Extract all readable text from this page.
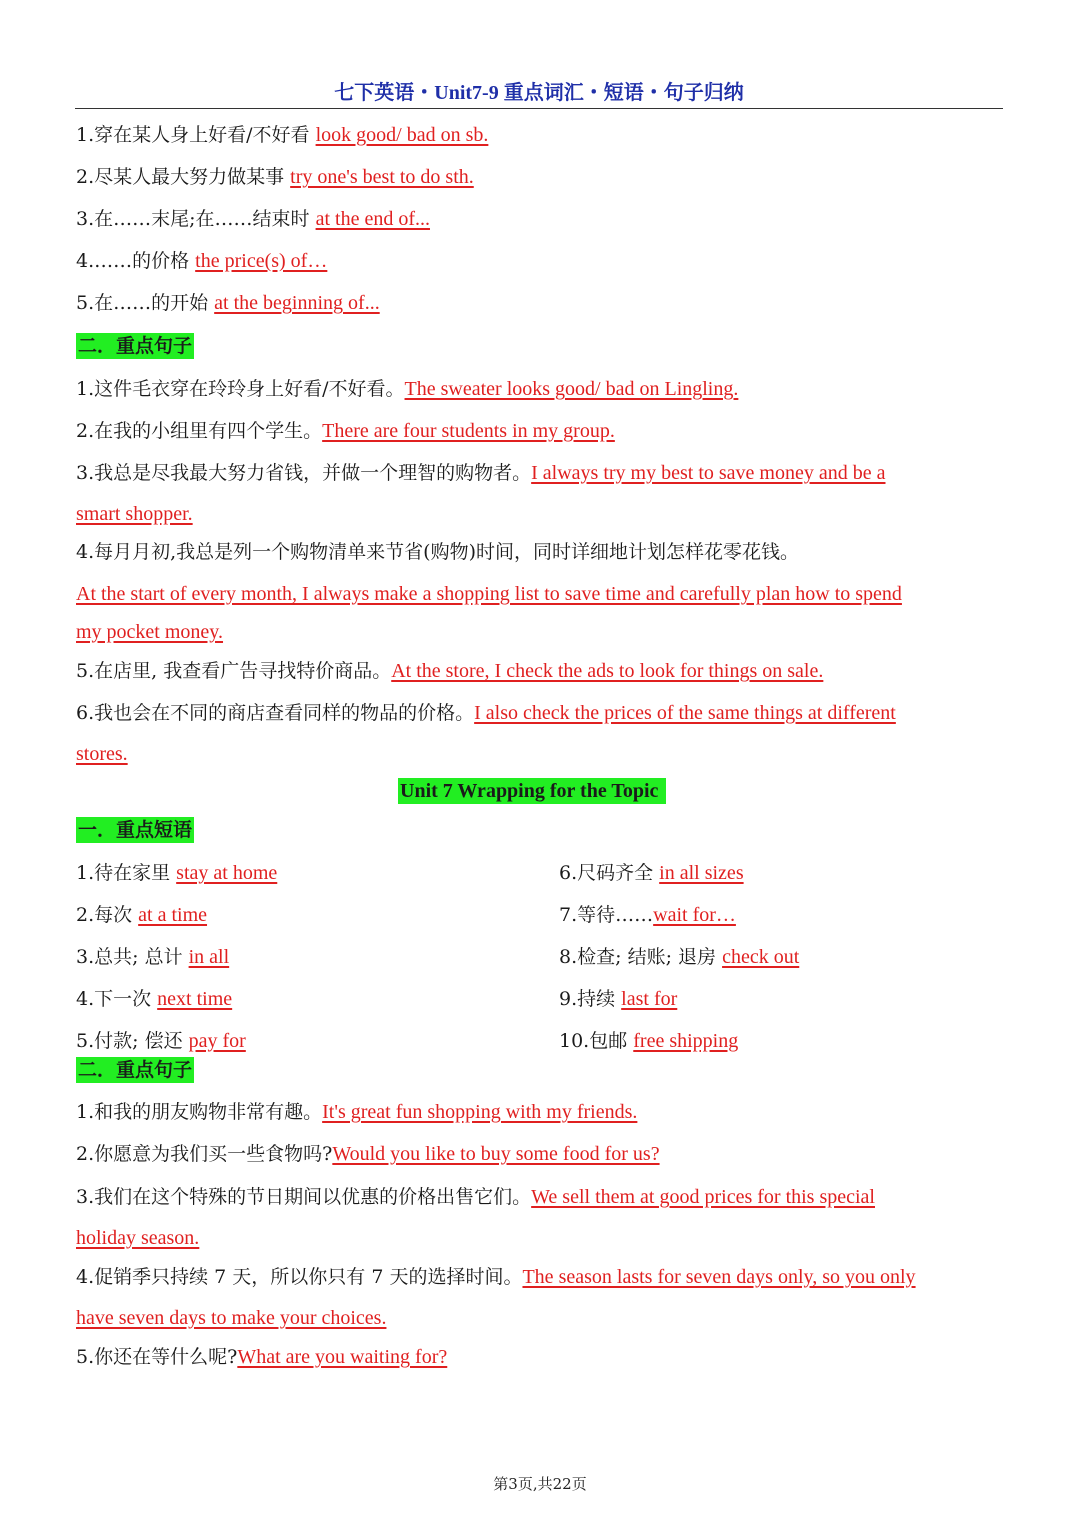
七下英语・Unit7-9 重点词汇・短语・句子归纳
1.穿在某人身上好看/不好看 look good/ bad on sb.
2.尽某人最大努力做某事 try one's best to do sth.
3.在……末尾;在……结束时 at the end of...
4.……的价格 the price(s) of…
5.在……的开始 at the beginning of...
二．重点句子
1.这件毛衣穿在玲玲身上好看/不好看。The sweater looks good/ bad on Lingling.
2.在我的小组里有四个学生。There are four students in my group.
3.我总是尽我最大努力省钱，并做一个理智的购物者。I always try my best to save money and be a
smart shopper.
4.每月月初,我总是列一个购物清单来节省(购物)时间，同时详细地计划怎样花零花钱。
At the start of every month, I always make a shopping list to save time and carefully plan how to spend
my pocket money.
5.在店里, 我查看广告寻找特价商品。At the store, I check the ads to look for things on sale.
6.我也会在不同的商店查看同样的物品的价格。I also check the prices of the same things at different
stores.
Unit 7 Wrapping for the Topic
一．重点短语
1.待在家里 stay at home	6.尺码齐全 in all sizes
2.每次 at a time	7.等待……wait for…
3.总共; 总计 in all	8.检查; 结账; 退房 check out
4.下一次 next time	9.持续 last for
5.付款; 偿还 pay for	10.包邮 free shipping
二．重点句子
1.和我的朋友购物非常有趣。It's great fun shopping with my friends.
2.你愿意为我们买一些食物吗?Would you like to buy some food for us?
3.我们在这个特殊的节日期间以优惠的价格出售它们。We sell them at good prices for this special
holiday season.
4.促销季只持续 7 天，所以你只有 7 天的选择时间。The season lasts for seven days only, so you only
have seven days to make your choices.
5.你还在等什么呢?What are you waiting for?
第3页,共22页
